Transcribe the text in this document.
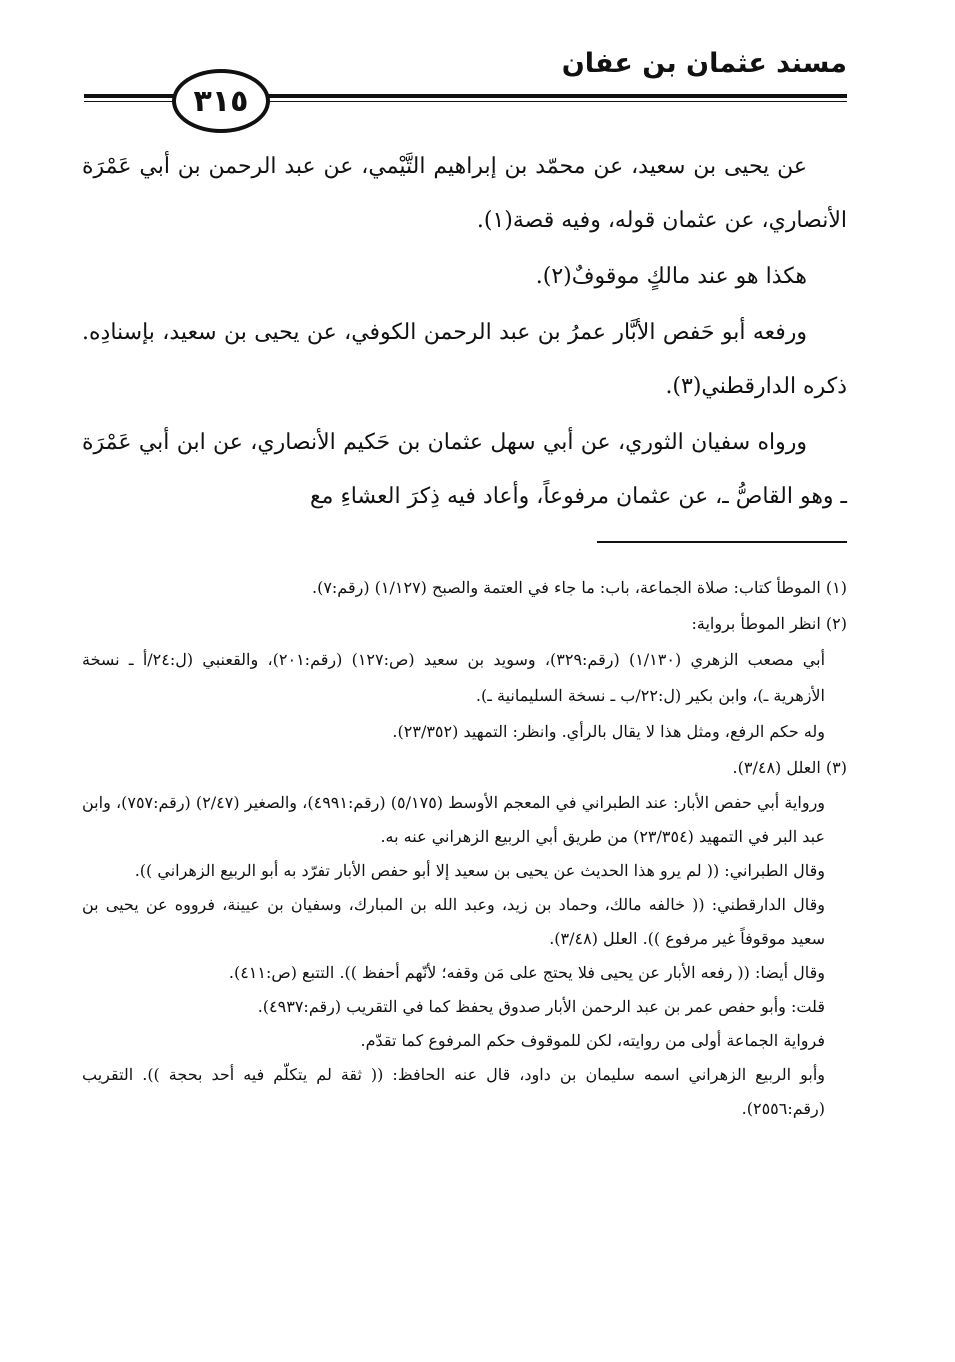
مسند عثمان بن عفان
٣١٥

عن يحيى بن سعيد، عن محمّد بن إبراهيم التَّيْمي، عن عبد الرحمن بن أبي عَمْرَة الأنصاري، عن عثمان قوله، وفيه قصة(١).

هكذا هو عند مالكٍ موقوفٌ(٢).

ورفعه أبو حَفص الأبَّار عمرُ بن عبد الرحمن الكوفي، عن يحيى بن سعيد، بإسنادِه. ذكره الدارقطني(٣).

ورواه سفيان الثوري، عن أبي سهل عثمان بن حَكيم الأنصاري، عن ابن أبي عَمْرَة ـ وهو القاصُّ ـ، عن عثمان مرفوعاً، وأعاد فيه ذِكرَ العشاءِ مع

(١) الموطأ كتاب: صلاة الجماعة، باب: ما جاء في العتمة والصبح (١/١٢٧) (رقم:٧).

(٢) انظر الموطأ برواية:

أبي مصعب الزهري (١/١٣٠) (رقم:٣٢٩)، وسويد بن سعيد (ص:١٢٧) (رقم:٢٠١)، والقعنبي (ل:٢٤/أ ـ نسخة الأزهرية ـ)، وابن بكير (ل:٢٢/ب ـ نسخة السليمانية ـ).

وله حكم الرفع، ومثل هذا لا يقال بالرأي. وانظر: التمهيد (٢٣/٣٥٢).

(٣) العلل (٣/٤٨).

ورواية أبي حفص الأبار: عند الطبراني في المعجم الأوسط (٥/١٧٥) (رقم:٤٩٩١)، والصغير (٢/٤٧) (رقم:٧٥٧)، وابن عبد البر في التمهيد (٢٣/٣٥٤) من طريق أبي الربيع الزهراني عنه به.

وقال الطبراني: (( لم يرو هذا الحديث عن يحيى بن سعيد إلا أبو حفص الأبار تفرّد به أبو الربيع الزهراني )).

وقال الدارقطني: (( خالفه مالك، وحماد بن زيد، وعبد الله بن المبارك، وسفيان بن عيينة، فرووه عن يحيى بن سعيد موقوفاً غير مرفوع )). العلل (٣/٤٨).

وقال أيضا: (( رفعه الأبار عن يحيى فلا يحتج على مَن وقفه؛ لأنّهم أحفظ )). التتبع (ص:٤١١).

قلت: وأبو حفص عمر بن عبد الرحمن الأبار صدوق يحفظ كما في التقريب (رقم:٤٩٣٧).

فرواية الجماعة أولى من روايته، لكن للموقوف حكم المرفوع كما تقدّم.

وأبو الربيع الزهراني اسمه سليمان بن داود، قال عنه الحافظ: (( ثقة لم يتكلّم فيه أحد بحجة )). التقريب (رقم:٢٥٥٦).
